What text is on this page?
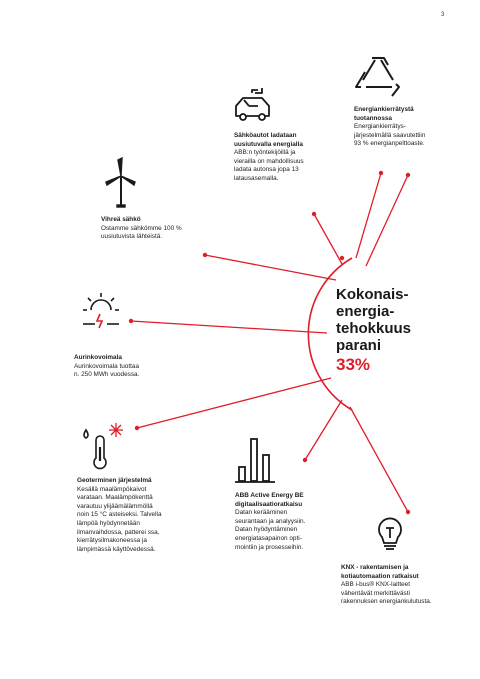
3
Energiankierrätystä
tuotannossa
Energiankierrätys-
järjestelmällä saavutettiin
93 % energianpelttoaste.
Sähköautot ladataan
uusiutuvalla energialla
ABB:n työntekijöillä ja
vierailla on mahdollisuus
ladata autonsa jopa 13
latausasemalla.
Vihreä sähkö
Ostamme sähkömme 100 %
uusiutuvista lähteistä.
Aurinkovoimala
Aurinkovoimala tuottaa
n. 250 MWh vuodessa.
Geoterminen järjestelmä
Kesällä maalämpökaivot
varataan. Maalämpökenttä
varautuu ylijäämälämmöllä
noin 15 °C asteiseksi. Talvella
lämpöä hyödynnetään
ilmanvaihdossa, patterei ssa,
kierrätysilmakoneessa ja
lämpimässä käyttövedessä.
ABB Active Energy BE
digitaalisaatioratkaisu
Datan kerääminen
seurantaan ja analyysiin.
Datan hyödyntäminen
energiatasapainon opti-
mointiin ja prosesseihin.
KNX - rakentamisen ja
kotiautomaation ratkaisut
ABB i-bus® KNX-laitteet
vähentävät merkittävästi
rakennuksen energiankulutusta.
Kokonais-
energia-
tehokkuus
parani
33%
